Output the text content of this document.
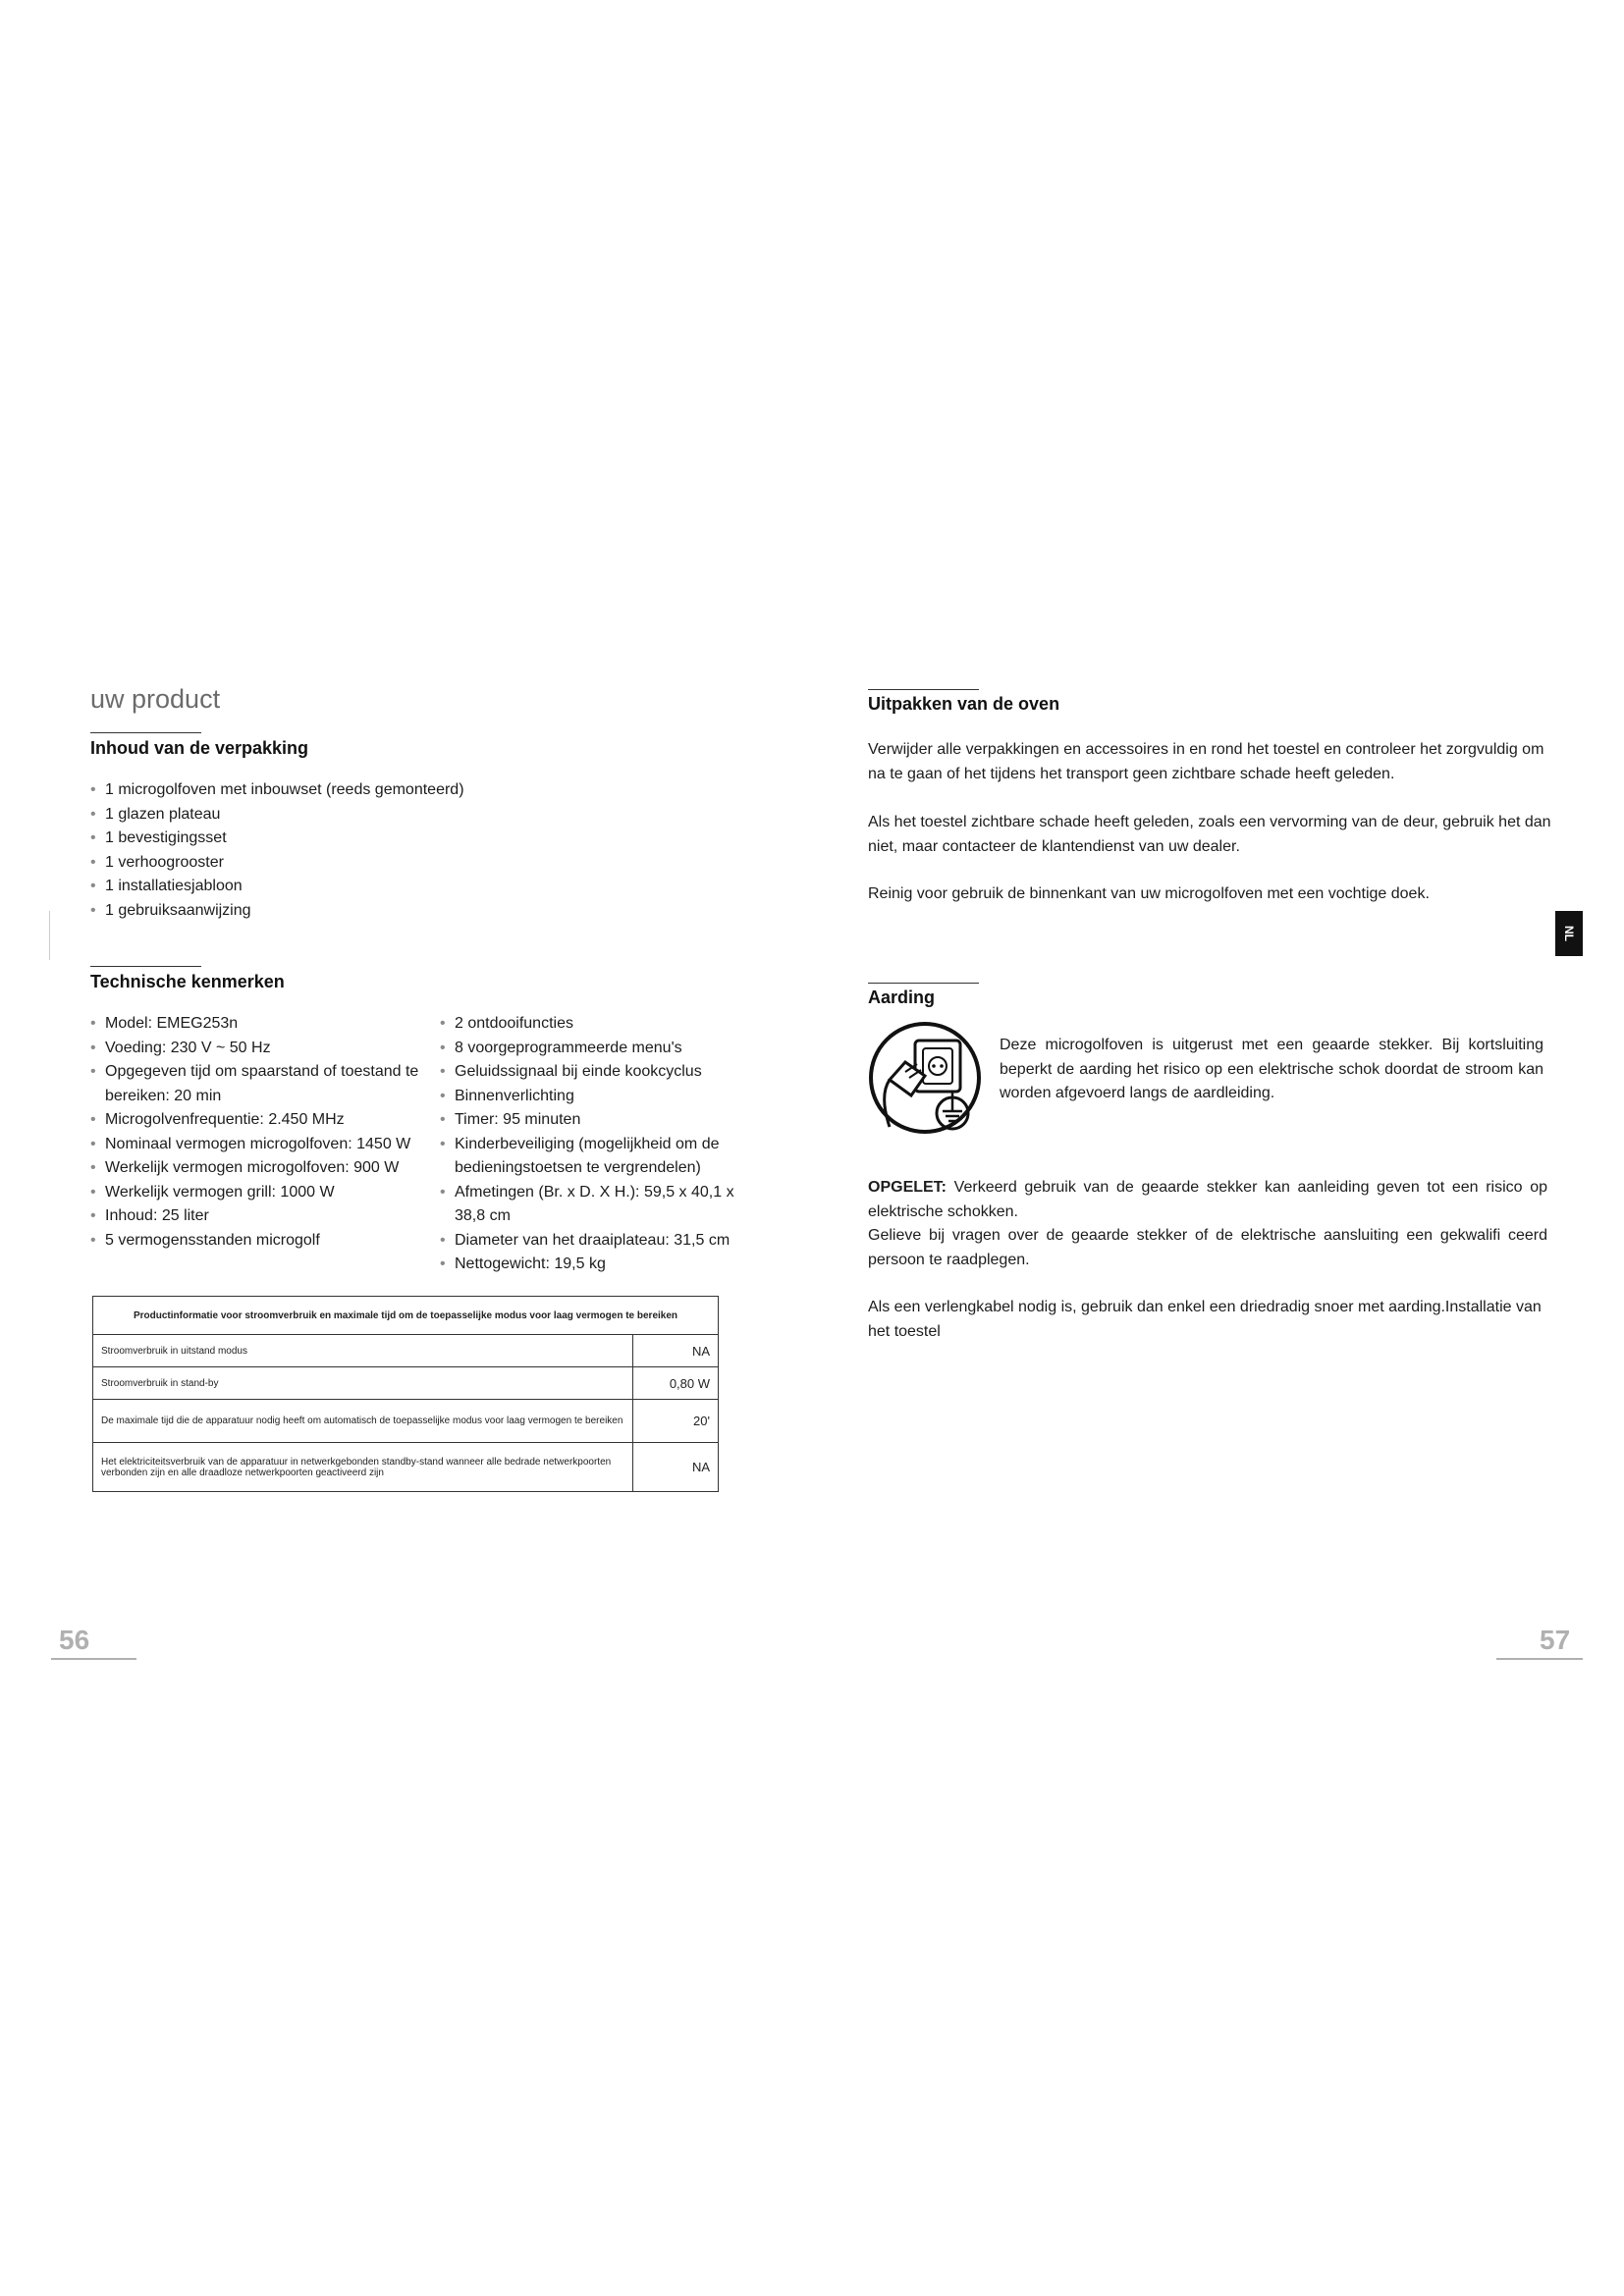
uw product
Inhoud van de verpakking
• 1 microgolfoven met inbouwset (reeds gemonteerd)
• 1 glazen plateau
• 1 bevestigingsset
• 1 verhoogrooster
• 1 installatiesjabloon
• 1 gebruiksaanwijzing
Technische kenmerken
• Model: EMEG253n
• Voeding: 230 V ~ 50 Hz
• Opgegeven tijd om spaarstand of toestand te bereiken: 20 min
• Microgolvenfrequentie: 2.450 MHz
• Nominaal vermogen microgolfoven: 1450 W
• Werkelijk vermogen microgolfoven: 900 W
• Werkelijk vermogen grill: 1000 W
• Inhoud: 25 liter
• 5 vermogensstanden microgolf
• 2 ontdooifuncties
• 8 voorgeprogrammeerde menu's
• Geluidssignaal bij einde kookcyclus
• Binnenverlichting
• Timer: 95 minuten
• Kinderbeveiliging (mogelijkheid om de bedieningstoetsen te vergrendelen)
• Afmetingen (Br. x D. X H.): 59,5 x 40,1 x 38,8 cm
• Diameter van het draaiplateau: 31,5 cm
• Nettogewicht: 19,5 kg
Productinformatie voor stroomverbruik en maximale tijd om de toepasselijke modus voor laag vermogen te bereiken	
Stroomverbruik in uitstand modus	NA
Stroomverbruik in stand-by	0,80 W
De maximale tijd die de apparatuur nodig heeft om automatisch de toepasselijke modus voor laag vermogen te bereiken	20'
Het elektriciteitsverbruik van de apparatuur in netwerkgebonden standby-stand wanneer alle bedrade netwerkpoorten verbonden zijn en alle draadloze netwerkpoorten geactiveerd zijn	NA
56
Uitpakken van de oven

Verwijder alle verpakkingen en accessoires in en rond het toestel en controleer het zorgvuldig om na te gaan of het tijdens het transport geen zichtbare schade heeft geleden.

Als het toestel zichtbare schade heeft geleden, zoals een vervorming van de deur, gebruik het dan niet, maar contacteer de klantendienst van uw dealer.

Reinig voor gebruik de binnenkant van uw microgolfoven met een vochtige doek.

NL
Aarding

Deze microgolfoven is uitgerust met een geaarde stekker. Bij kortsluiting beperkt de aarding het risico op een elektrische schok doordat de stroom kan worden afgevoerd langs de aardleiding.

OPGELET: Verkeerd gebruik van de geaarde stekker kan aanleiding geven tot een risico op elektrische schokken.

Gelieve bij vragen over de geaarde stekker of de elektrische aansluiting een gekwalifi ceerd persoon te raadplegen.

Als een verlengkabel nodig is, gebruik dan enkel een driedradig snoer met aarding.Installatie van het toestel

57
